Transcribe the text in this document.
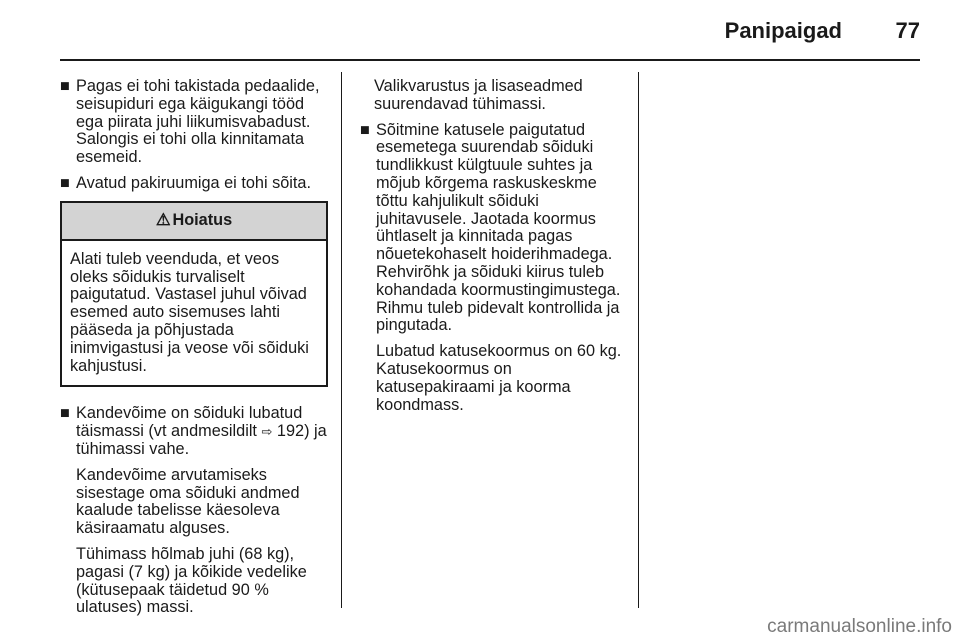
Panipaigad 77
■ Pagas ei tohi takistada pedaalide,
seisupiduri ega käigukangi tööd
ega piirata juhi liikumisvabadust.
Salongis ei tohi olla kinnitamata
esemeid.
■ Avatud pakiruumiga ei tohi sõita.
⚠ Hoiatus
Alati tuleb veenduda, et veos
oleks sõidukis turvaliselt
paigutatud. Vastasel juhul võivad
esemed auto sisemuses lahti
pääseda ja põhjustada
inimvigastusi ja veose või sõiduki
kahjustusi.
■ Kandevõime on sõiduki lubatud
täismassi (vt andmesildilt ⇨ 192) ja
tühimassi vahe.
Kandevõime arvutamiseks
sisestage oma sõiduki andmed
kaalude tabelisse käesoleva
käsiraamatu alguses.
Tühimass hõlmab juhi (68 kg),
pagasi (7 kg) ja kõikide vedelike
(kütusepaak täidetud 90 %
ulatuses) massi.
Valikvarustus ja lisaseadmed
suurendavad tühimassi.
■ Sõitmine katusele paigutatud
esemetega suurendab sõiduki
tundlikkust külgtuule suhtes ja
mõjub kõrgema raskuskeskme
tõttu kahjulikult sõiduki
juhitavusele. Jaotada koormus
ühtlaselt ja kinnitada pagas
nõuetekohaselt hoiderihmadega.
Rehvirõhk ja sõiduki kiirus tuleb
kohandada koormustingimustega.
Rihmu tuleb pidevalt kontrollida ja
pingutada.
Lubatud katusekoormus on 60 kg.
Katusekoormus on
katusepakiraami ja koorma
koondmass.
carmanualsonline.info
